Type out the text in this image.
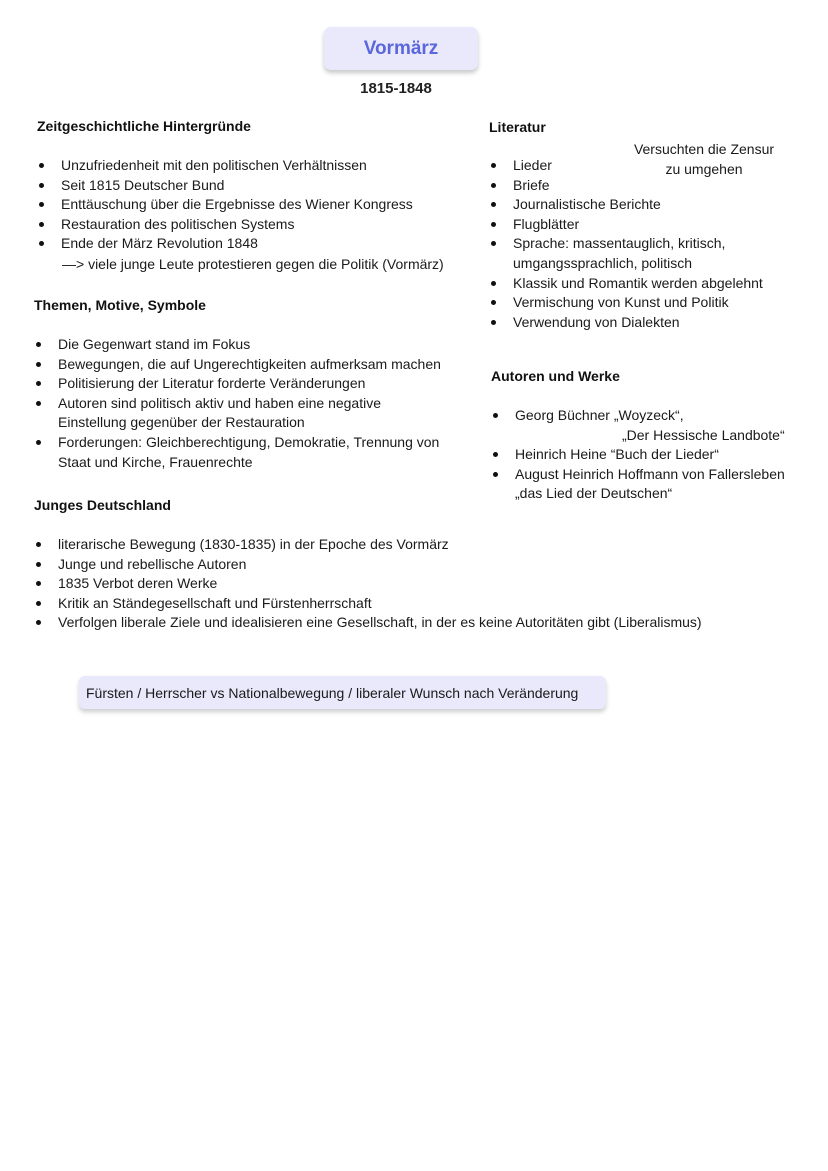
Vormärz
1815-1848
Zeitgeschichtliche Hintergründe
Unzufriedenheit mit den politischen Verhältnissen
Seit 1815 Deutscher Bund
Enttäuschung über die Ergebnisse des Wiener Kongress
Restauration des politischen Systems
Ende der März Revolution 1848
—> viele junge Leute protestieren gegen die Politik (Vormärz)
Themen, Motive, Symbole
Die Gegenwart stand im Fokus
Bewegungen, die auf Ungerechtigkeiten aufmerksam machen
Politisierung der Literatur forderte Veränderungen
Autoren sind politisch aktiv und haben eine negative Einstellung gegenüber der Restauration
Forderungen: Gleichberechtigung, Demokratie, Trennung von Staat und Kirche, Frauenrechte
Junges Deutschland
literarische Bewegung (1830-1835) in der Epoche des Vormärz
Junge und rebellische Autoren
1835 Verbot deren Werke
Kritik an Ständegesellschaft und Fürstenherrschaft
Verfolgen liberale Ziele und idealisieren eine Gesellschaft, in der es keine Autoritäten gibt (Liberalismus)
Literatur
Versuchten die Zensur zu umgehen
Lieder
Briefe
Journalistische Berichte
Flugblätter
Sprache: massentauglich, kritisch, umgangssprachlich, politisch
Klassik und Romantik werden abgelehnt
Vermischung von Kunst und Politik
Verwendung von Dialekten
Autoren und Werke
Georg Büchner „Woyzeck“,
„Der Hessische Landbote“
Heinrich Heine “Buch der Lieder“
August Heinrich Hoffmann von Fallersleben
„das Lied der Deutschen“
Fürsten / Herrscher vs Nationalbewegung / liberaler Wunsch nach Veränderung
